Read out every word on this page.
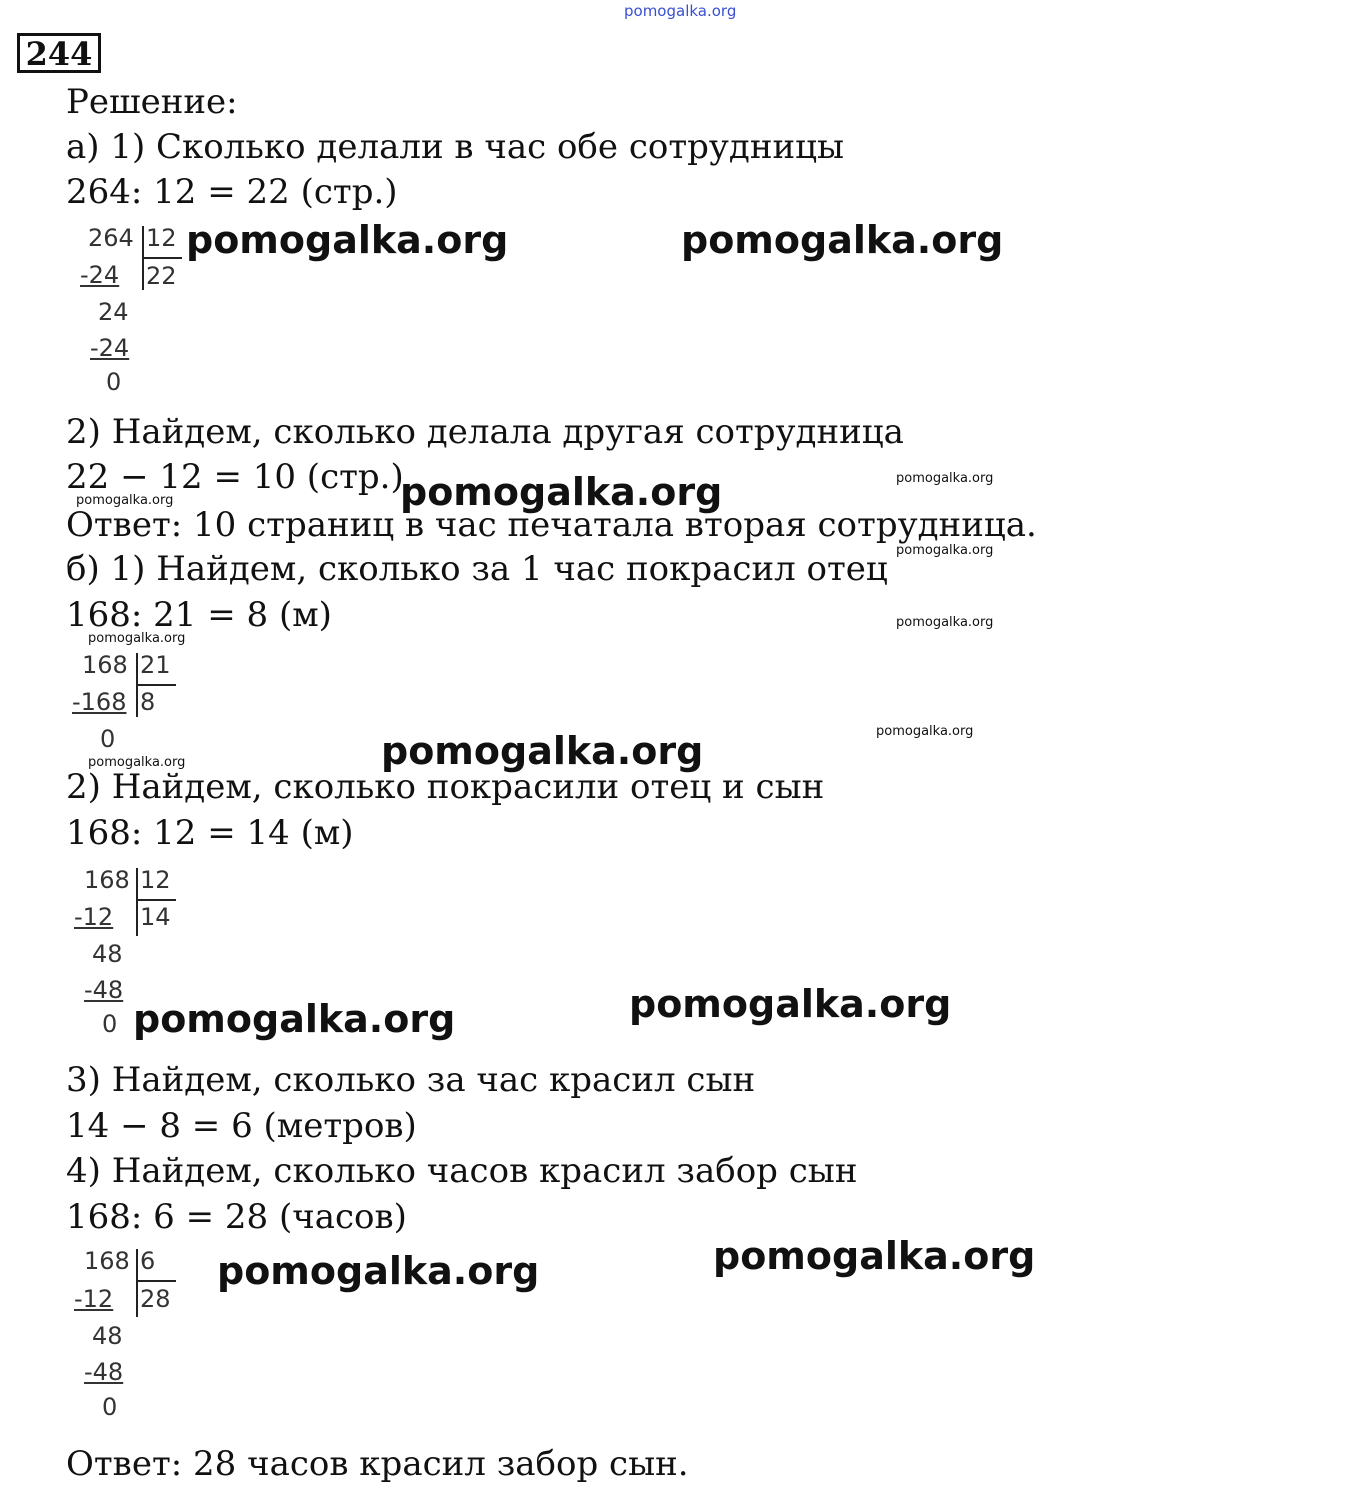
pomogalka.org
244
Решение:
а) 1) Сколько делали в час обе сотрудницы
264: 12 = 22 (стр.)
264 12
22
-24
24
-24
0
pomogalka.org	pomogalka.org
2) Найдем, сколько делала другая сотрудница
22 − 12 = 10 (стр.)
pomogalka.org	pomogalka.org
pomogalka.org
Ответ: 10 страниц в час печатала вторая сотрудница.
pomogalka.org
б) 1) Найдем, сколько за 1 час покрасил отец
168: 21 = 8 (м)	pomogalka.org
pomogalka.org
168 21
8
-168
0	pomogalka.org
pomogalka.org
pomogalka.org
2) Найдем, сколько покрасили отец и сын
168: 12 = 14 (м)
168 12
14
-12
48
-48
0	pomogalka.org
pomogalka.org
3) Найдем, сколько за час красил сын
14 − 8 = 6 (метров)
4) Найдем, сколько часов красил забор сын
168: 6 = 28 (часов)
168 6
28
-12
48
-48
0
pomogalka.org
pomogalka.org
Ответ: 28 часов красил забор сын.
